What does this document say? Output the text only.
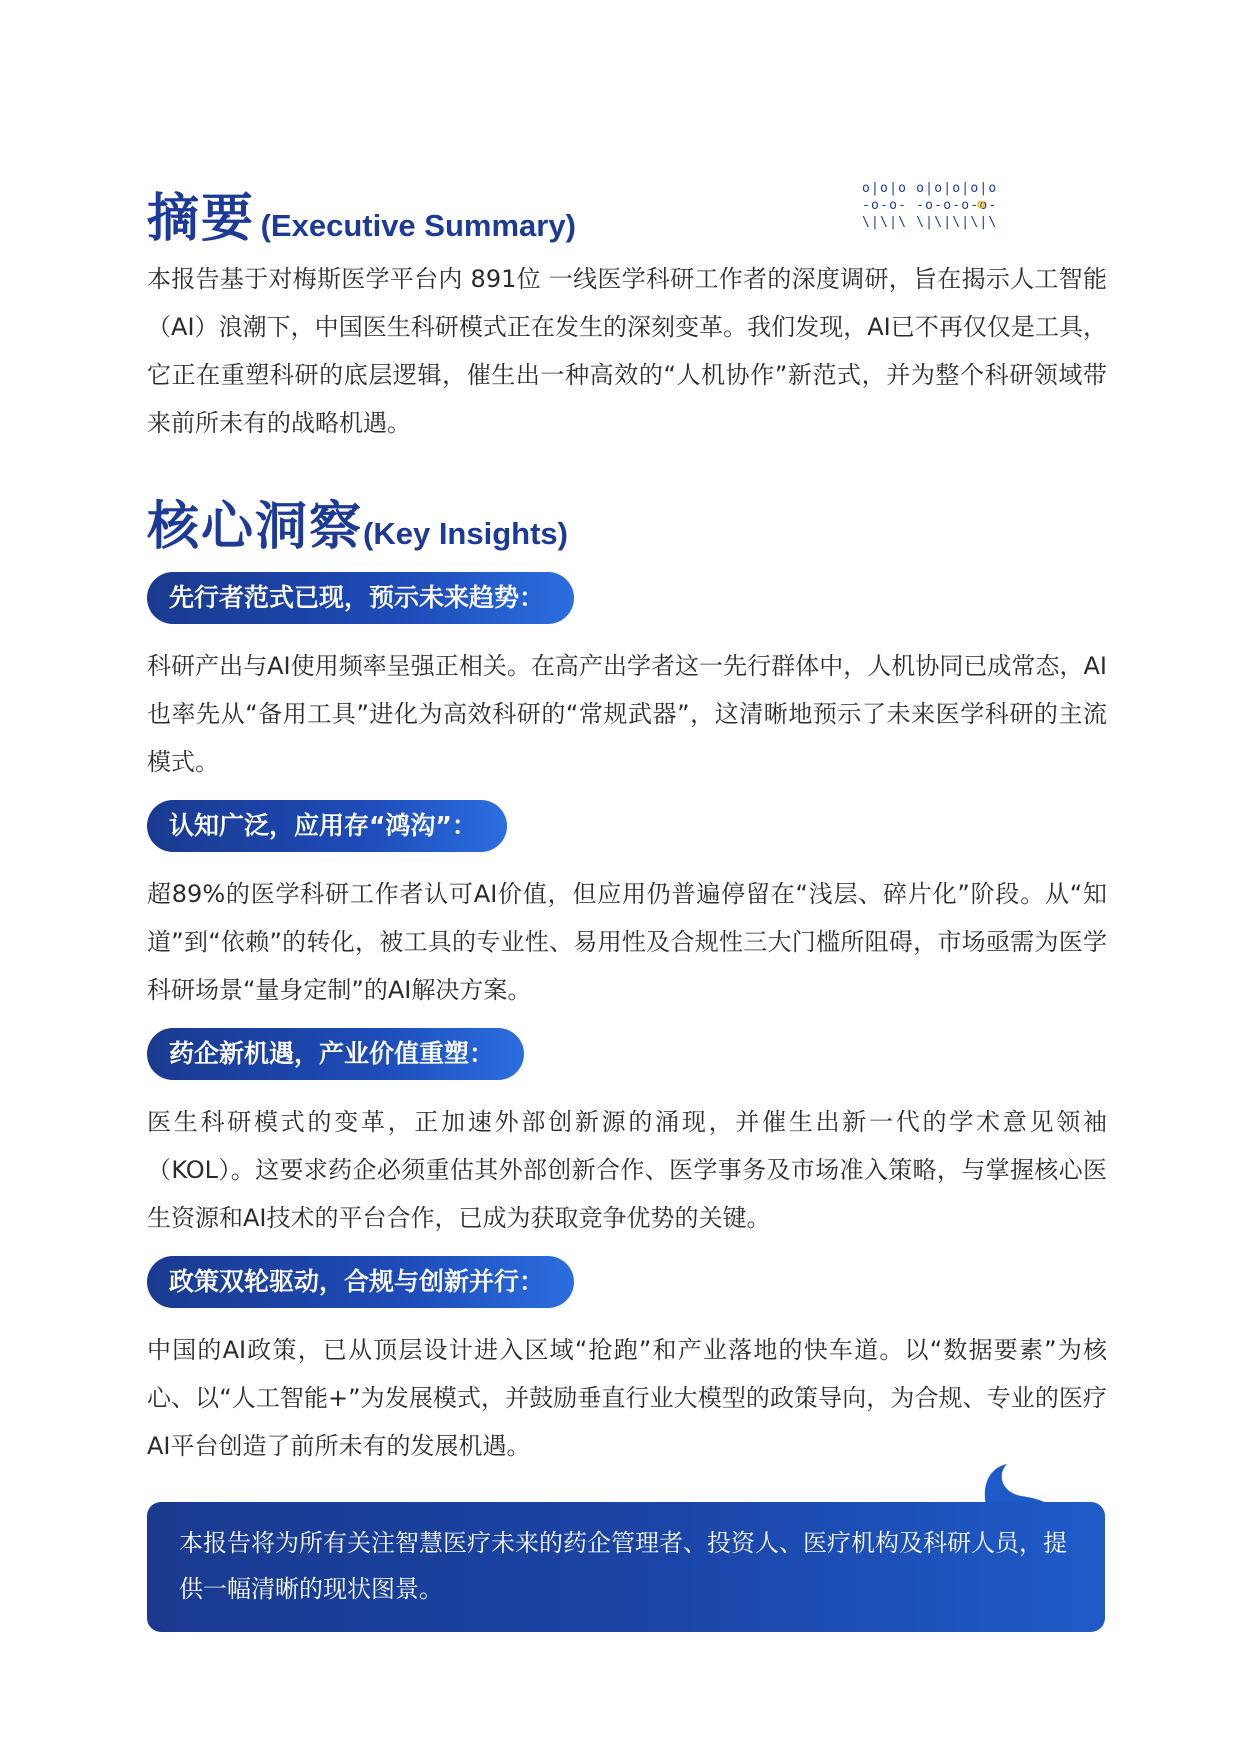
摘要 (Executive Summary)
o|o|o o|o|o|o|o
-o-o- -o-o-o-o-
\|\|\ \|\|\|\|\

本报告基于对梅斯医学平台内 891位 一线医学科研工作者的深度调研，旨在揭示人工智能（AI）浪潮下，中国医生科研模式正在发生的深刻变革。我们发现，AI已不再仅仅是工具，它正在重塑科研的底层逻辑，催生出一种高效的“人机协作”新范式，并为整个科研领域带来前所未有的战略机遇。

核心洞察(Key Insights)
先行者范式已现，预示未来趋势：

科研产出与AI使用频率呈强正相关。在高产出学者这一先行群体中，人机协同已成常态，AI也率先从“备用工具”进化为高效科研的“常规武器”，这清晰地预示了未来医学科研的主流模式。

认知广泛，应用存“鸿沟”：

超89%的医学科研工作者认可AI价值，但应用仍普遍停留在“浅层、碎片化”阶段。从“知道”到“依赖”的转化，被工具的专业性、易用性及合规性三大门槛所阻碍，市场亟需为医学科研场景“量身定制”的AI解决方案。

药企新机遇，产业价值重塑：

医生科研模式的变革，正加速外部创新源的涌现，并催生出新一代的学术意见领袖（KOL）。这要求药企必须重估其外部创新合作、医学事务及市场准入策略，与掌握核心医生资源和AI技术的平台合作，已成为获取竞争优势的关键。

政策双轮驱动，合规与创新并行：

中国的AI政策，已从顶层设计进入区域“抢跑”和产业落地的快车道。以“数据要素”为核心、以“人工智能+”为发展模式，并鼓励垂直行业大模型的政策导向，为合规、专业的医疗AI平台创造了前所未有的发展机遇。

本报告将为所有关注智慧医疗未来的药企管理者、投资人、医疗机构及科研人员，提供一幅清晰的现状图景。
